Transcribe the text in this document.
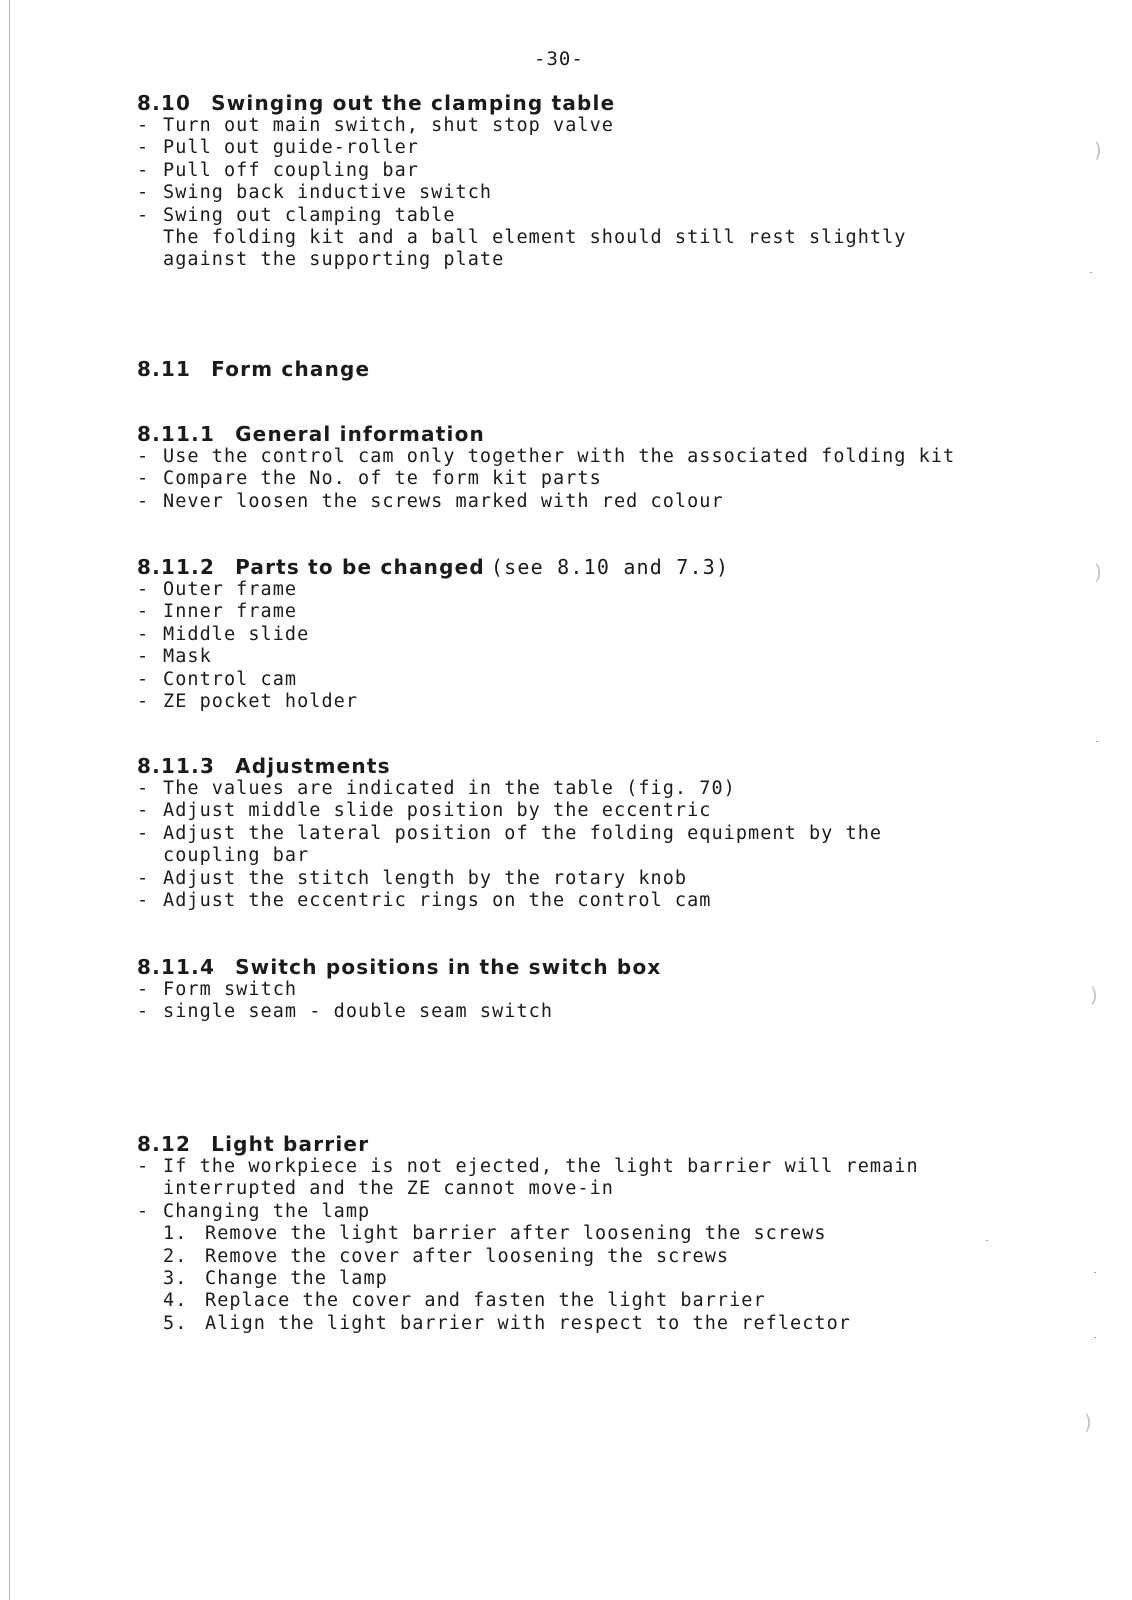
-30-
8.10 Swinging out the clamping table
- Turn out main switch, shut stop valve
- Pull out guide-roller
- Pull off coupling bar
- Swing back inductive switch
- Swing out clamping table
The folding kit and a ball element should still rest slightly
against the supporting plate
8.11 Form change
8.11.1 General information
- Use the control cam only together with the associated folding kit
- Compare the No. of te form kit parts
- Never loosen the screws marked with red colour
8.11.2 Parts to be changed (see 8.10 and 7.3)
- Outer frame
- Inner frame
- Middle slide
- Mask
- Control cam
- ZE pocket holder
8.11.3 Adjustments
- The values are indicated in the table (fig. 70)
- Adjust middle slide position by the eccentric
- Adjust the lateral position of the folding equipment by the
coupling bar
- Adjust the stitch length by the rotary knob
- Adjust the eccentric rings on the control cam
8.11.4 Switch positions in the switch box
- Form switch
- single seam - double seam switch
8.12 Light barrier
- If the workpiece is not ejected, the light barrier will remain
interrupted and the ZE cannot move-in
- Changing the lamp
1. Remove the light barrier after loosening the screws
2. Remove the cover after loosening the screws
3. Change the lamp
4. Replace the cover and fasten the light barrier
5. Align the light barrier with respect to the reflector
)
)
)
)
